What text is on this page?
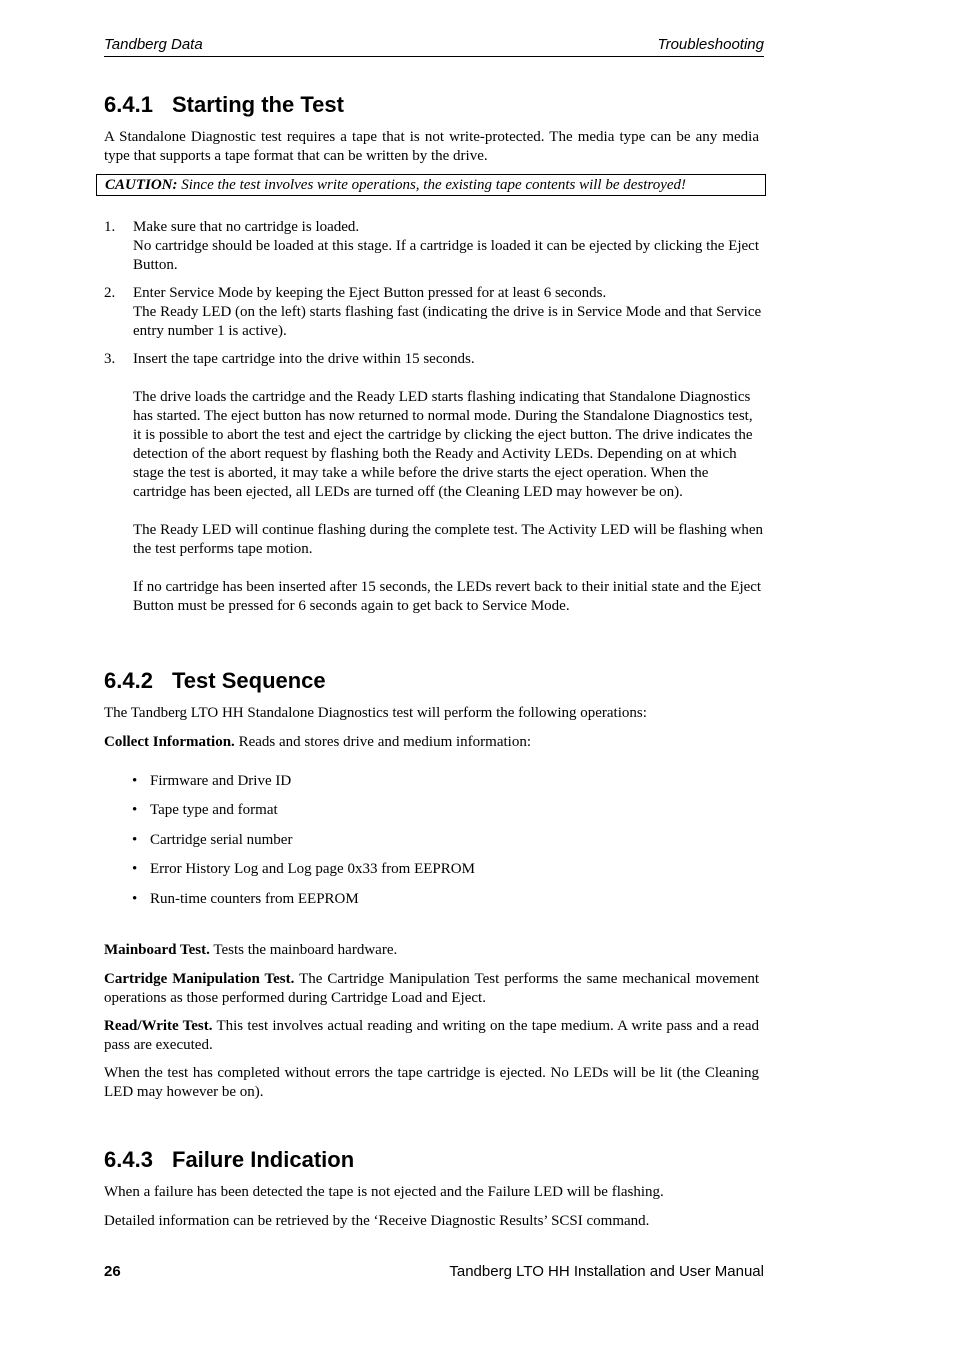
Tandberg Data	Troubleshooting
6.4.1 Starting the Test

A Standalone Diagnostic test requires a tape that is not write-protected. The media type can be any media type that supports a tape format that can be written by the drive.

CAUTION: Since the test involves write operations, the existing tape contents will be destroyed!
1. Make sure that no cartridge is loaded.
No cartridge should be loaded at this stage. If a cartridge is loaded it can be ejected by clicking the Eject Button.
2. Enter Service Mode by keeping the Eject Button pressed for at least 6 seconds.
The Ready LED (on the left) starts flashing fast (indicating the drive is in Service Mode and that Service entry number 1 is active).
3. Insert the tape cartridge into the drive within 15 seconds.
The drive loads the cartridge and the Ready LED starts flashing indicating that Standalone Diagnostics has started. The eject button has now returned to normal mode. During the Standalone Diagnostics test, it is possible to abort the test and eject the cartridge by clicking the eject button. The drive indicates the detection of the abort request by flashing both the Ready and Activity LEDs. Depending on at which stage the test is aborted, it may take a while before the drive starts the eject operation. When the cartridge has been ejected, all LEDs are turned off (the Cleaning LED may however be on).
The Ready LED will continue flashing during the complete test. The Activity LED will be flashing when the test performs tape motion.
If no cartridge has been inserted after 15 seconds, the LEDs revert back to their initial state and the Eject Button must be pressed for 6 seconds again to get back to Service Mode.
6.4.2 Test Sequence

The Tandberg LTO HH Standalone Diagnostics test will perform the following operations:

Collect Information. Reads and stores drive and medium information:

• Firmware and Drive ID
• Tape type and format
• Cartridge serial number
• Error History Log and Log page 0x33 from EEPROM
• Run-time counters from EEPROM

Mainboard Test. Tests the mainboard hardware.

Cartridge Manipulation Test. The Cartridge Manipulation Test performs the same mechanical movement operations as those performed during Cartridge Load and Eject.

Read/Write Test. This test involves actual reading and writing on the tape medium. A write pass and a read pass are executed.

When the test has completed without errors the tape cartridge is ejected. No LEDs will be lit (the Cleaning LED may however be on).

6.4.3 Failure Indication

When a failure has been detected the tape is not ejected and the Failure LED will be flashing.

Detailed information can be retrieved by the ‘Receive Diagnostic Results’ SCSI command.

26	Tandberg LTO HH Installation and User Manual
